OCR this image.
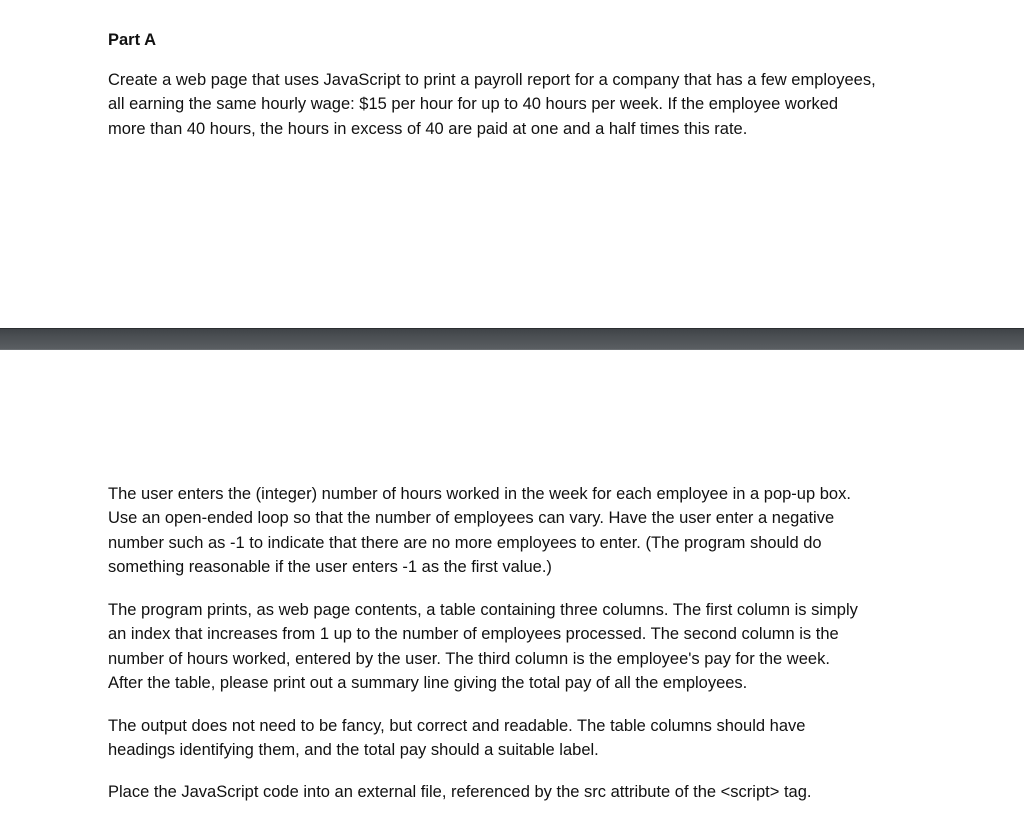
Part A

Create a web page that uses JavaScript to print a payroll report for a company that has a few employees,
all earning the same hourly wage: $15 per hour for up to 40 hours per week. If the employee worked
more than 40 hours, the hours in excess of 40 are paid at one and a half times this rate.

The user enters the (integer) number of hours worked in the week for each employee in a pop-up box.
Use an open-ended loop so that the number of employees can vary. Have the user enter a negative
number such as -1 to indicate that there are no more employees to enter. (The program should do
something reasonable if the user enters -1 as the first value.)

The program prints, as web page contents, a table containing three columns. The first column is simply
an index that increases from 1 up to the number of employees processed. The second column is the
number of hours worked, entered by the user. The third column is the employee's pay for the week.
After the table, please print out a summary line giving the total pay of all the employees.

The output does not need to be fancy, but correct and readable. The table columns should have
headings identifying them, and the total pay should a suitable label.

Place the JavaScript code into an external file, referenced by the src attribute of the <script> tag.
